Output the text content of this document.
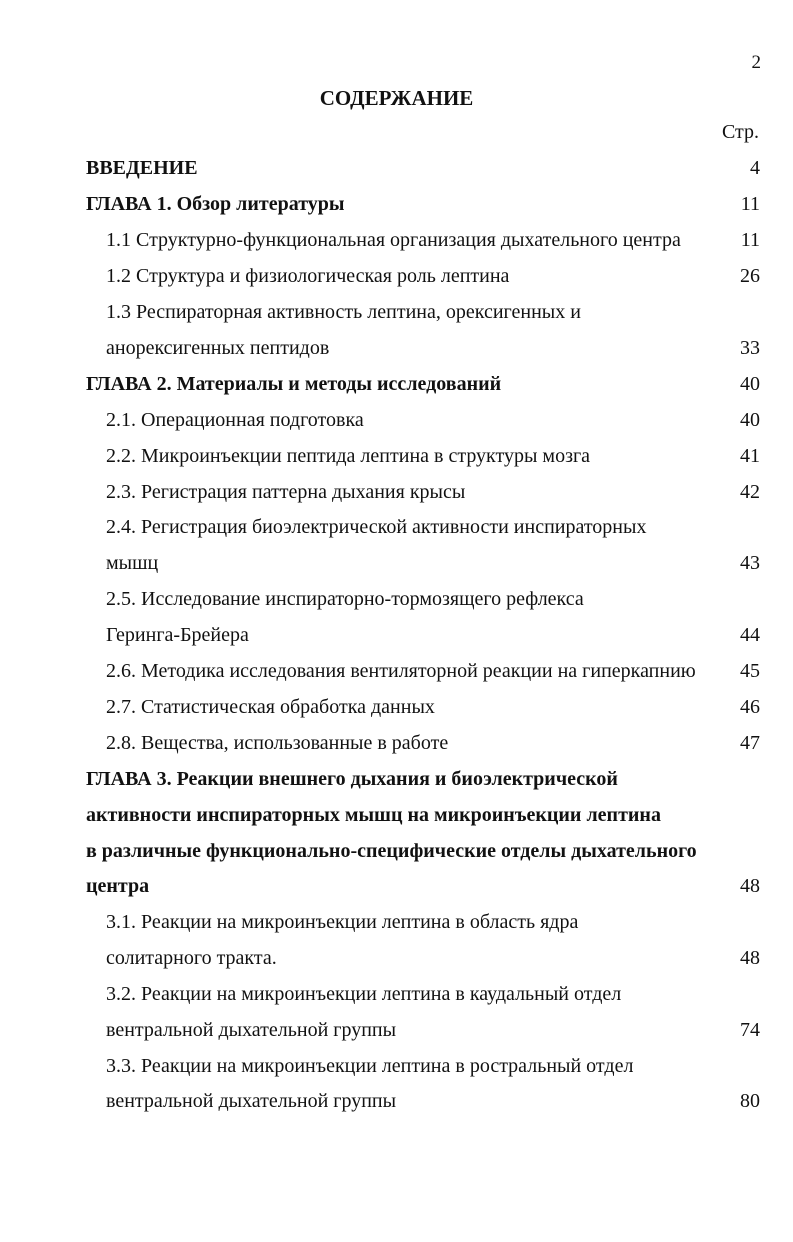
2
СОДЕРЖАНИЕ
Стр.
ВВЕДЕНИЕ	4
ГЛАВА 1. Обзор литературы	11
1.1 Структурно-функциональная организация дыхательного центра	11
1.2 Структура и физиологическая роль лептина	26
1.3 Респираторная активность лептина, орексигенных и
анорексигенных пептидов	33
ГЛАВА 2. Материалы и методы исследований	40
2.1. Операционная подготовка	40
2.2. Микроинъекции пептида лептина в структуры мозга	41
2.3. Регистрация паттерна дыхания крысы	42
2.4. Регистрация биоэлектрической активности инспираторных
мышц	43
2.5. Исследование инспираторно-тормозящего рефлекса
Геринга-Брейера	44
2.6. Методика исследования вентиляторной реакции на гиперкапнию 45
2.7. Статистическая обработка данных	46
2.8. Вещества, использованные в работе	47
ГЛАВА 3. Реакции внешнего дыхания и биоэлектрической
активности инспираторных мышц на микроинъекции лептина
в различные функционально-специфические отделы дыхательного
центра	48
3.1. Реакции на микроинъекции лептина в область ядра
солитарного тракта.	48
3.2. Реакции на микроинъекции лептина в каудальный отдел
вентральной дыхательной группы	74
3.3. Реакции на микроинъекции лептина в ростральный отдел
вентральной дыхательной группы	80
